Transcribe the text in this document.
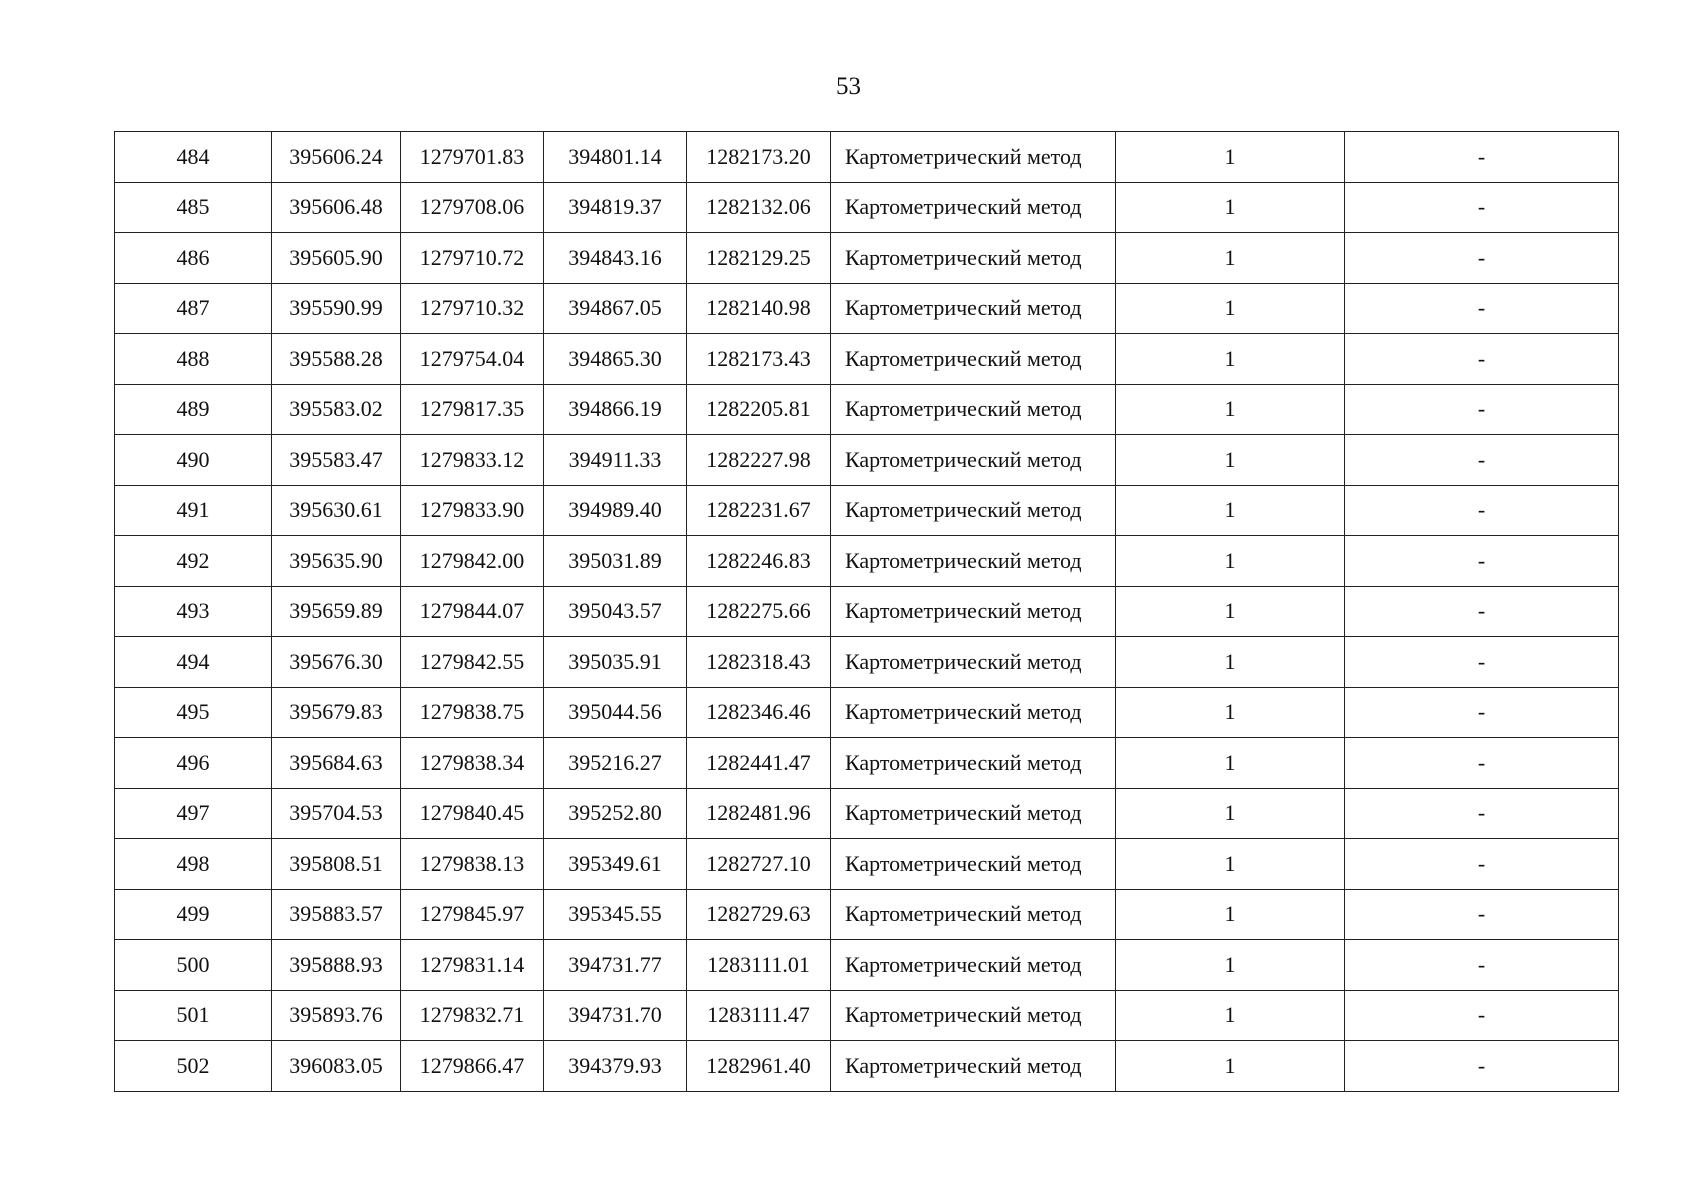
53
484	395606.24	1279701.83	394801.14	1282173.20	Картометрический метод	1	-
485	395606.48	1279708.06	394819.37	1282132.06	Картометрический метод	1	-
486	395605.90	1279710.72	394843.16	1282129.25	Картометрический метод	1	-
487	395590.99	1279710.32	394867.05	1282140.98	Картометрический метод	1	-
488	395588.28	1279754.04	394865.30	1282173.43	Картометрический метод	1	-
489	395583.02	1279817.35	394866.19	1282205.81	Картометрический метод	1	-
490	395583.47	1279833.12	394911.33	1282227.98	Картометрический метод	1	-
491	395630.61	1279833.90	394989.40	1282231.67	Картометрический метод	1	-
492	395635.90	1279842.00	395031.89	1282246.83	Картометрический метод	1	-
493	395659.89	1279844.07	395043.57	1282275.66	Картометрический метод	1	-
494	395676.30	1279842.55	395035.91	1282318.43	Картометрический метод	1	-
495	395679.83	1279838.75	395044.56	1282346.46	Картометрический метод	1	-
496	395684.63	1279838.34	395216.27	1282441.47	Картометрический метод	1	-
497	395704.53	1279840.45	395252.80	1282481.96	Картометрический метод	1	-
498	395808.51	1279838.13	395349.61	1282727.10	Картометрический метод	1	-
499	395883.57	1279845.97	395345.55	1282729.63	Картометрический метод	1	-
500	395888.93	1279831.14	394731.77	1283111.01	Картометрический метод	1	-
501	395893.76	1279832.71	394731.70	1283111.47	Картометрический метод	1	-
502	396083.05	1279866.47	394379.93	1282961.40	Картометрический метод	1	-
